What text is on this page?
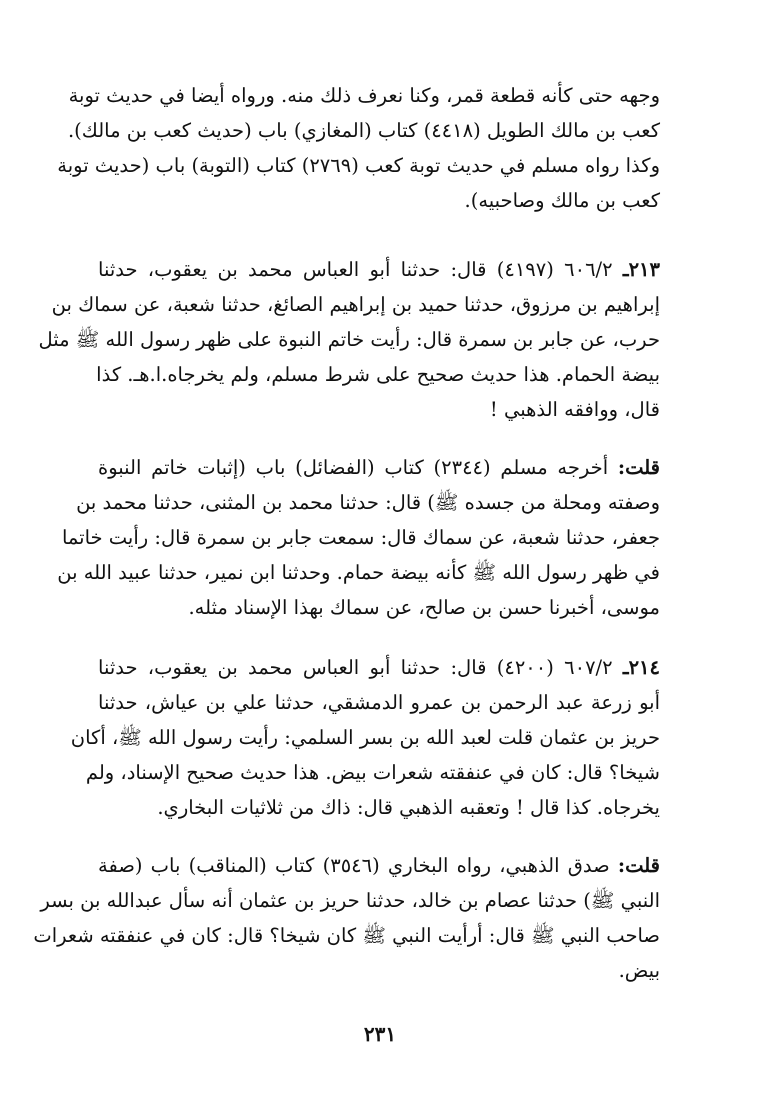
وجهه حتى كأنه قطعة قمر، وكنا نعرف ذلك منه. ورواه أيضا في حديث توبة
كعب بن مالك الطويل (٤٤١٨) كتاب (المغازي) باب (حديث كعب بن مالك).
وكذا رواه مسلم في حديث توبة كعب (٢٧٦٩) كتاب (التوبة) باب (حديث توبة
كعب بن مالك وصاحبيه).
٢١٣ـ ٦٠٦/٢ (٤١٩٧) قال: حدثنا أبو العباس محمد بن يعقوب، حدثنا
إبراهيم بن مرزوق، حدثنا حميد بن إبراهيم الصائغ، حدثنا شعبة، عن سماك بن
حرب، عن جابر بن سمرة قال: رأيت خاتم النبوة على ظهر رسول الله ﷺ مثل
بيضة الحمام. هذا حديث صحيح على شرط مسلم، ولم يخرجاه.ا.هـ. كذا
قال، ووافقه الذهبي !
قلت: أخرجه مسلم (٢٣٤٤) كتاب (الفضائل) باب (إثبات خاتم النبوة
وصفته ومحلة من جسده ﷺ) قال: حدثنا محمد بن المثنى، حدثنا محمد بن
جعفر، حدثنا شعبة، عن سماك قال: سمعت جابر بن سمرة قال: رأيت خاتما
في ظهر رسول الله ﷺ كأنه بيضة حمام. وحدثنا ابن نمير، حدثنا عبيد الله بن
موسى، أخبرنا حسن بن صالح، عن سماك بهذا الإسناد مثله.
٢١٤ـ ٦٠٧/٢ (٤٢٠٠) قال: حدثنا أبو العباس محمد بن يعقوب، حدثنا
أبو زرعة عبد الرحمن بن عمرو الدمشقي، حدثنا علي بن عياش، حدثنا
حريز بن عثمان قلت لعبد الله بن بسر السلمي: رأيت رسول الله ﷺ، أكان
شيخا؟ قال: كان في عنفقته شعرات بيض. هذا حديث صحيح الإسناد، ولم
يخرجاه. كذا قال ! وتعقبه الذهبي قال: ذاك من ثلاثيات البخاري.
قلت: صدق الذهبي، رواه البخاري (٣٥٤٦) كتاب (المناقب) باب (صفة
النبي ﷺ) حدثنا عصام بن خالد، حدثنا حريز بن عثمان أنه سأل عبدالله بن بسر
صاحب النبي ﷺ قال: أرأيت النبي ﷺ كان شيخا؟ قال: كان في عنفقته شعرات
بيض.
٢٣١
